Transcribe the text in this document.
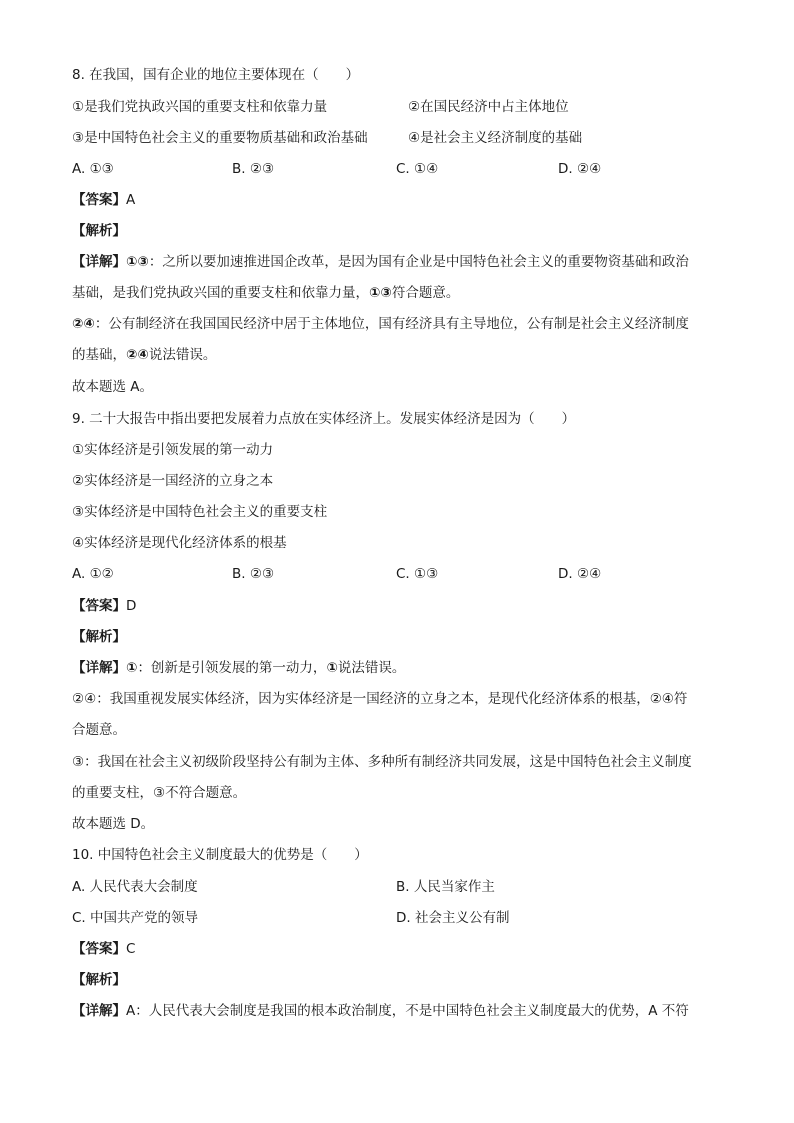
8. 在我国，国有企业的地位主要体现在（　　）
①是我们党执政兴国的重要支柱和依靠力量	②在国民经济中占主体地位
③是中国特色社会主义的重要物质基础和政治基础	④是社会主义经济制度的基础
A. ①③	B. ②③	C. ①④	D. ②④
【答案】A
【解析】
【详解】①③：之所以要加速推进国企改革，是因为国有企业是中国特色社会主义的重要物资基础和政治
基础，是我们党执政兴国的重要支柱和依靠力量，①③符合题意。
②④：公有制经济在我国国民经济中居于主体地位，国有经济具有主导地位，公有制是社会主义经济制度
的基础，②④说法错误。
故本题选 A。
9. 二十大报告中指出要把发展着力点放在实体经济上。发展实体经济是因为（　　）
①实体经济是引领发展的第一动力
②实体经济是一国经济的立身之本
③实体经济是中国特色社会主义的重要支柱
④实体经济是现代化经济体系的根基
A. ①②	B. ②③	C. ①③	D. ②④
【答案】D
【解析】
【详解】①：创新是引领发展的第一动力，①说法错误。
②④：我国重视发展实体经济，因为实体经济是一国经济的立身之本，是现代化经济体系的根基，②④符
合题意。
③：我国在社会主义初级阶段坚持公有制为主体、多种所有制经济共同发展，这是中国特色社会主义制度
的重要支柱，③不符合题意。
故本题选 D。
10. 中国特色社会主义制度最大的优势是（　　）
A. 人民代表大会制度	B. 人民当家作主
C. 中国共产党的领导	D. 社会主义公有制
【答案】C
【解析】
【详解】A：人民代表大会制度是我国的根本政治制度，不是中国特色社会主义制度最大的优势，A 不符
